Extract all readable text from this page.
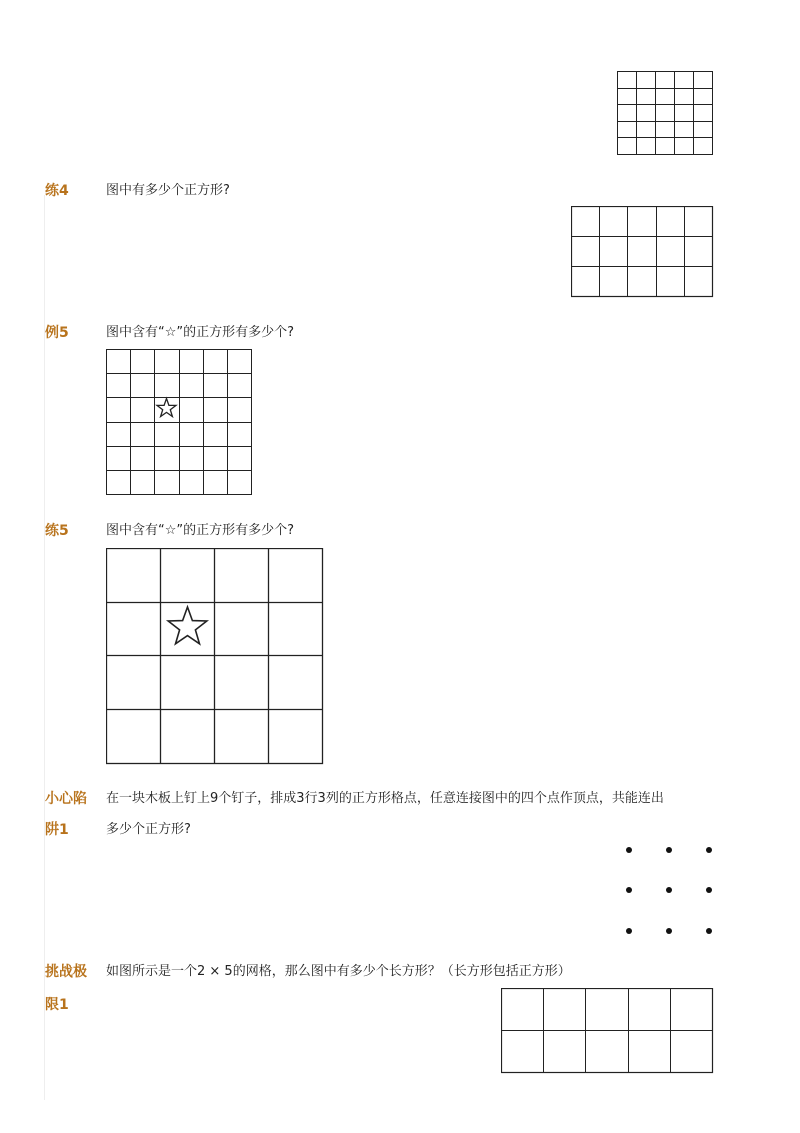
练4	图中有多少个正方形?
例5	图中含有“☆”的正方形有多少个?
练5	图中含有“☆”的正方形有多少个?
小心陷
阱1
在一块木板上钉上9个钉子，排成3行3列的正方形格点，任意连接图中的四个点作顶点，共能连出
多少个正方形?
挑战极
限1
如图所示是一个2 × 5的网格，那么图中有多少个长方形？（长方形包括正方形）
